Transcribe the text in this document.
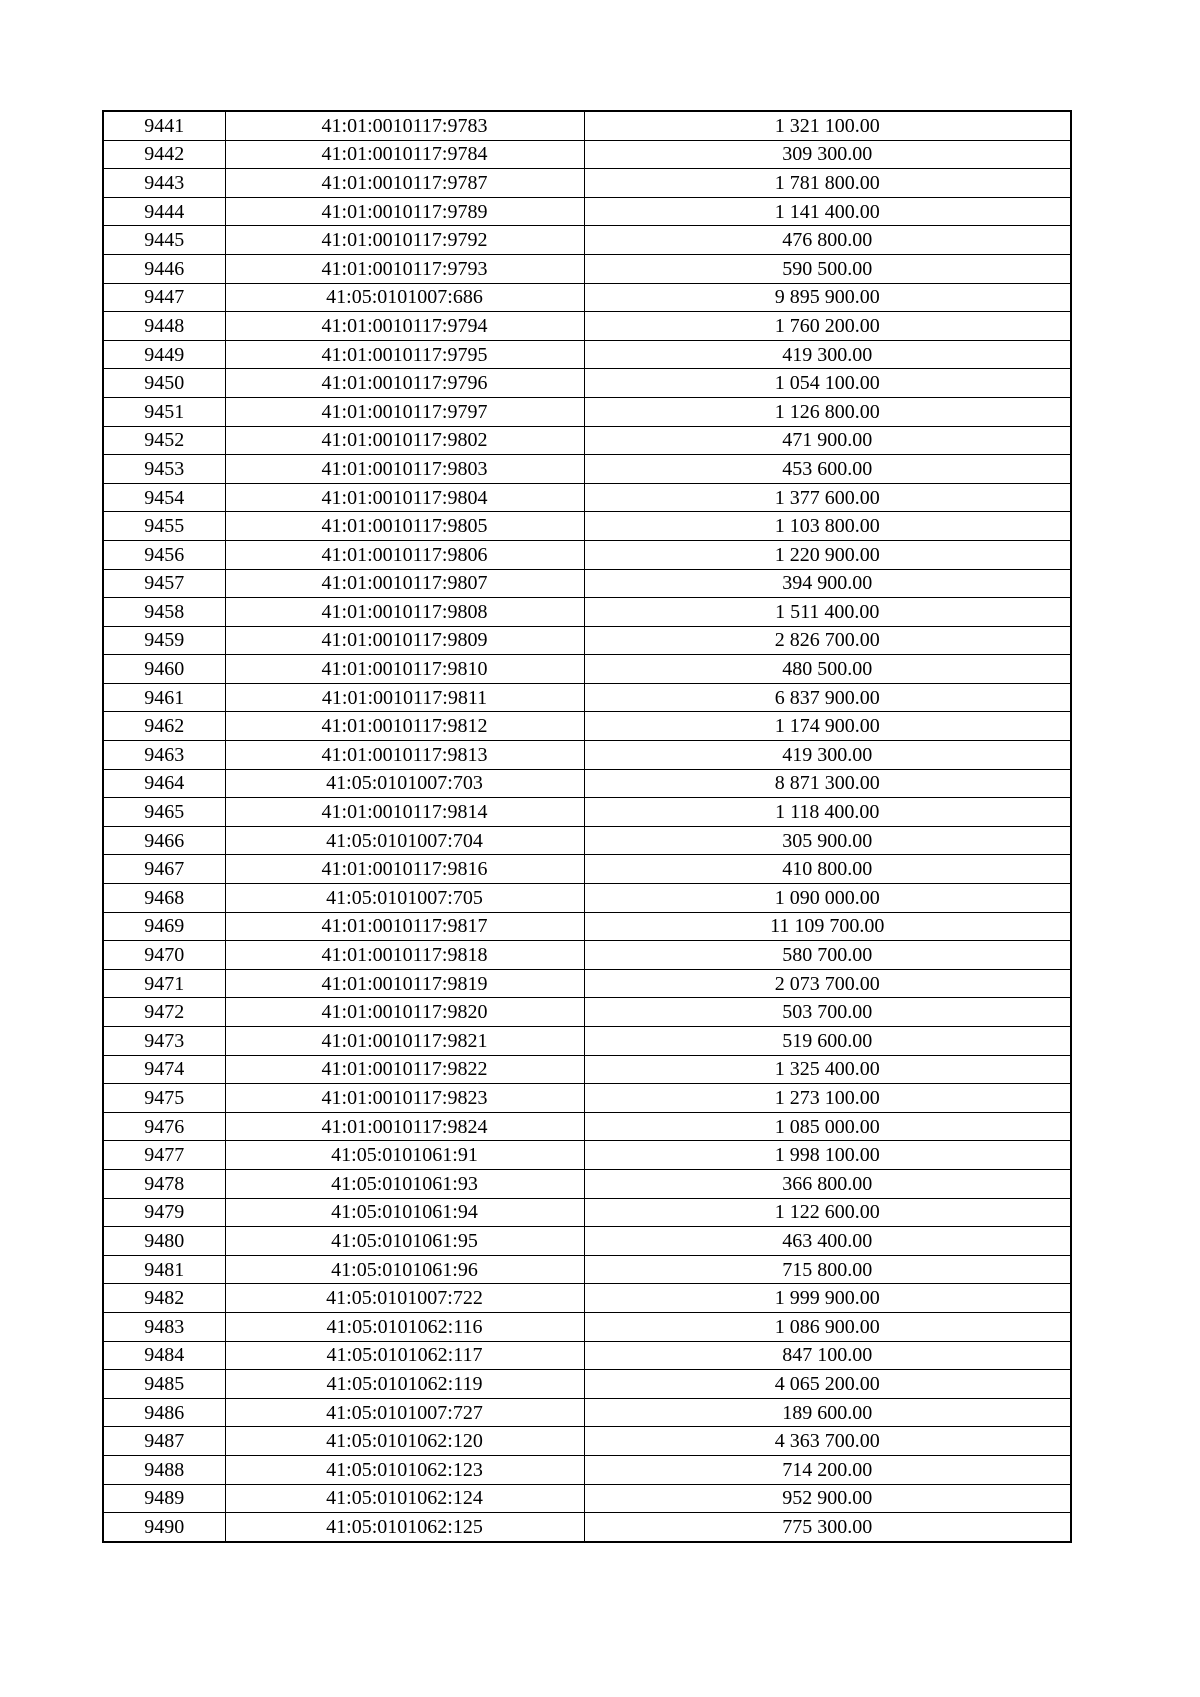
9441	41:01:0010117:9783	1 321 100.00
9442	41:01:0010117:9784	309 300.00
9443	41:01:0010117:9787	1 781 800.00
9444	41:01:0010117:9789	1 141 400.00
9445	41:01:0010117:9792	476 800.00
9446	41:01:0010117:9793	590 500.00
9447	41:05:0101007:686	9 895 900.00
9448	41:01:0010117:9794	1 760 200.00
9449	41:01:0010117:9795	419 300.00
9450	41:01:0010117:9796	1 054 100.00
9451	41:01:0010117:9797	1 126 800.00
9452	41:01:0010117:9802	471 900.00
9453	41:01:0010117:9803	453 600.00
9454	41:01:0010117:9804	1 377 600.00
9455	41:01:0010117:9805	1 103 800.00
9456	41:01:0010117:9806	1 220 900.00
9457	41:01:0010117:9807	394 900.00
9458	41:01:0010117:9808	1 511 400.00
9459	41:01:0010117:9809	2 826 700.00
9460	41:01:0010117:9810	480 500.00
9461	41:01:0010117:9811	6 837 900.00
9462	41:01:0010117:9812	1 174 900.00
9463	41:01:0010117:9813	419 300.00
9464	41:05:0101007:703	8 871 300.00
9465	41:01:0010117:9814	1 118 400.00
9466	41:05:0101007:704	305 900.00
9467	41:01:0010117:9816	410 800.00
9468	41:05:0101007:705	1 090 000.00
9469	41:01:0010117:9817	11 109 700.00
9470	41:01:0010117:9818	580 700.00
9471	41:01:0010117:9819	2 073 700.00
9472	41:01:0010117:9820	503 700.00
9473	41:01:0010117:9821	519 600.00
9474	41:01:0010117:9822	1 325 400.00
9475	41:01:0010117:9823	1 273 100.00
9476	41:01:0010117:9824	1 085 000.00
9477	41:05:0101061:91	1 998 100.00
9478	41:05:0101061:93	366 800.00
9479	41:05:0101061:94	1 122 600.00
9480	41:05:0101061:95	463 400.00
9481	41:05:0101061:96	715 800.00
9482	41:05:0101007:722	1 999 900.00
9483	41:05:0101062:116	1 086 900.00
9484	41:05:0101062:117	847 100.00
9485	41:05:0101062:119	4 065 200.00
9486	41:05:0101007:727	189 600.00
9487	41:05:0101062:120	4 363 700.00
9488	41:05:0101062:123	714 200.00
9489	41:05:0101062:124	952 900.00
9490	41:05:0101062:125	775 300.00
